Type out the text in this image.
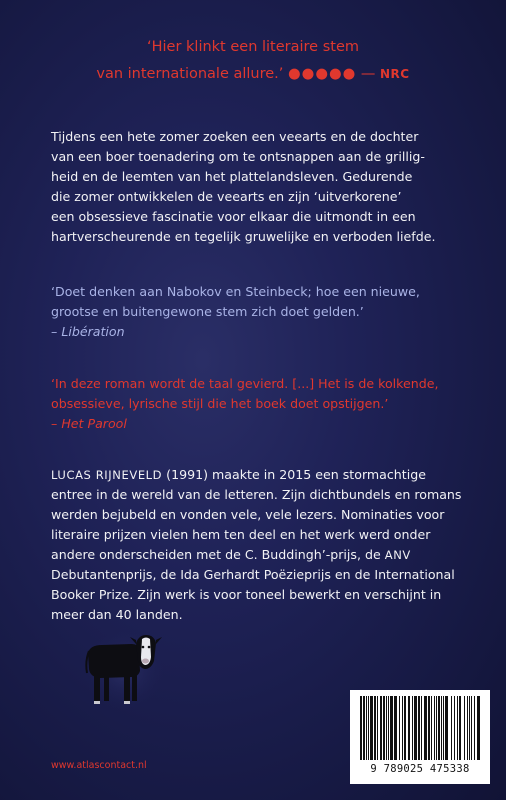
‘Hier klinkt een literaire stem
van internationale allure.’ ●●●●● — NRC
Tijdens een hete zomer zoeken een veearts en de dochter
van een boer toenadering om te ontsnappen aan de grillig-
heid en de leemten van het plattelandsleven. Gedurende
die zomer ontwikkelen de veearts en zijn ‘uitverkorene’
een obsessieve fascinatie voor elkaar die uitmondt in een
hartverscheurende en tegelijk gruwelijke en verboden liefde.
‘Doet denken aan Nabokov en Steinbeck; hoe een nieuwe,
grootse en buitengewone stem zich doet gelden.’
– Libération
‘In deze roman wordt de taal gevierd. [...] Het is de kolkende,
obsessieve, lyrische stijl die het boek doet opstijgen.’
– Het Parool
LUCAS RIJNEVELD (1991) maakte in 2015 een stormachtige
entree in de wereld van de letteren. Zijn dichtbundels en romans
werden bejubeld en vonden vele, vele lezers. Nominaties voor
literaire prijzen vielen hem ten deel en het werk werd onder
andere onderscheiden met de C. Buddingh’-prijs, de ANV
Debutantenprijs, de Ida Gerhardt Poëzieprijs en de International
Booker Prize. Zijn werk is voor toneel bewerkt en verschijnt in
meer dan 40 landen.
www.atlascontact.nl	9 789025 475338
